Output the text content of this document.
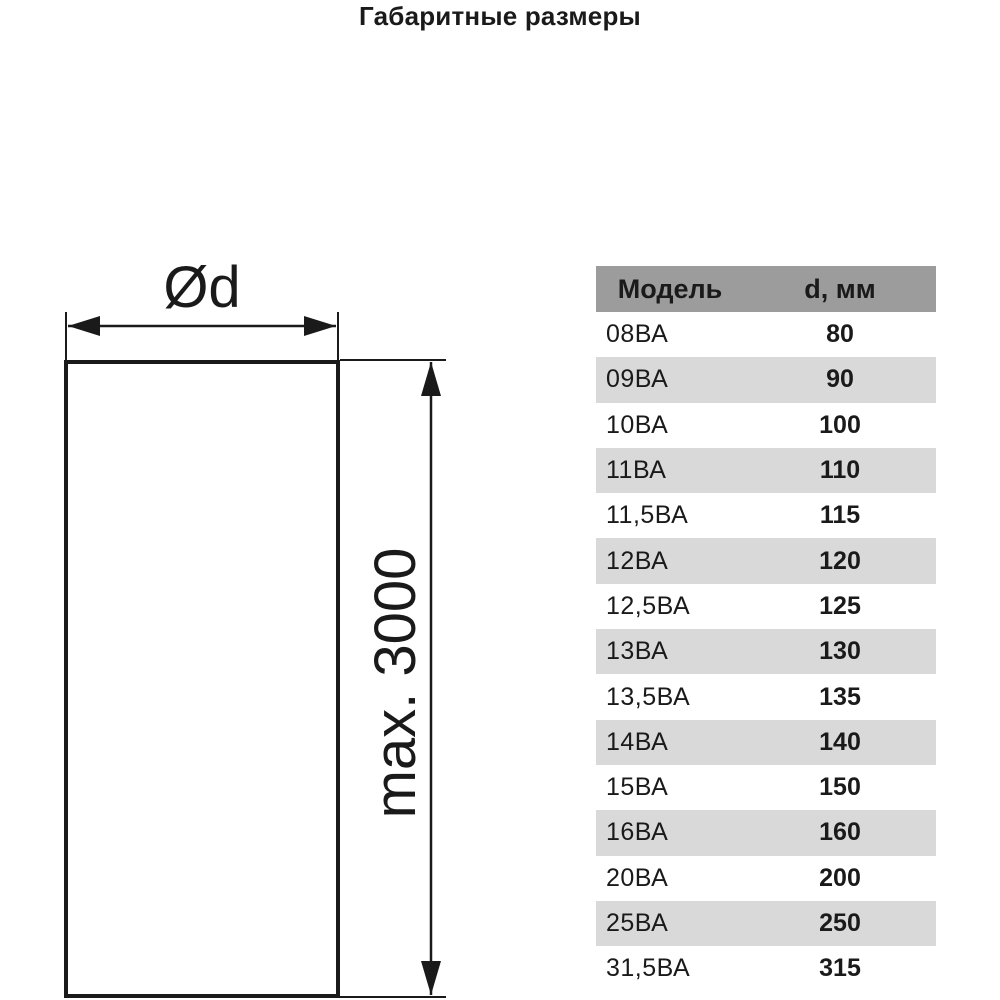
Габаритные размеры
Ød
max. 3000
Модель	d, мм
08ВА	80
09ВА	90
10ВА	100
11ВА	110
11,5ВА	115
12ВА	120
12,5ВА	125
13ВА	130
13,5ВА	135
14ВА	140
15ВА	150
16ВА	160
20ВА	200
25ВА	250
31,5ВА	315
